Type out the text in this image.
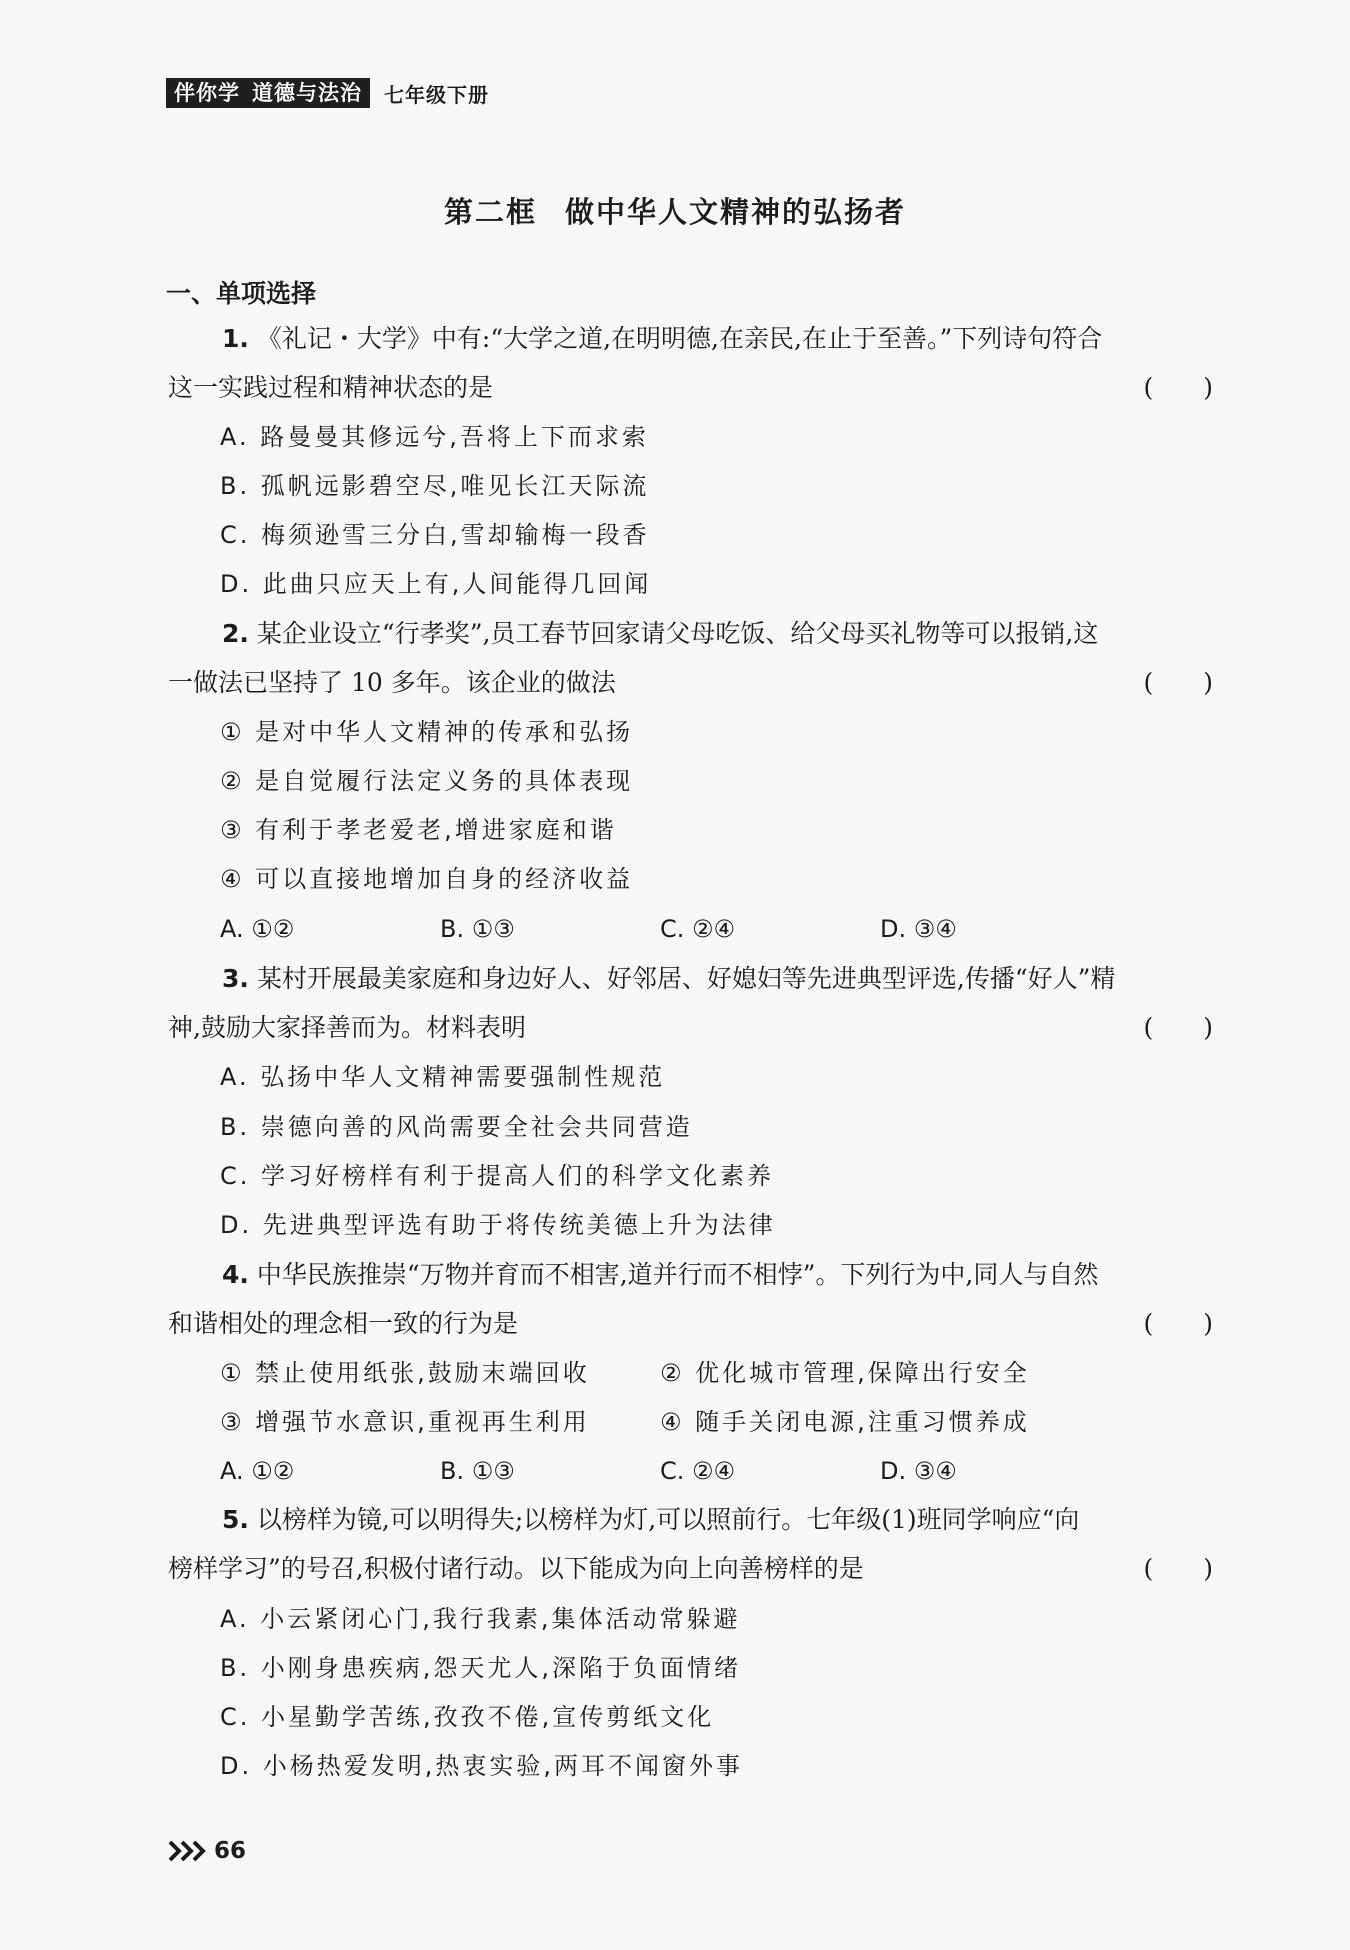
伴你学 道德与法治 七年级下册
第二框 做中华人文精神的弘扬者
一、单项选择
1. 《礼记・大学》中有:“大学之道,在明明德,在亲民,在止于至善。”下列诗句符合
这一实践过程和精神状态的是	(　　)
A. 路曼曼其修远兮,吾将上下而求索
B. 孤帆远影碧空尽,唯见长江天际流
C. 梅须逊雪三分白,雪却输梅一段香
D. 此曲只应天上有,人间能得几回闻
2. 某企业设立“行孝奖”,员工春节回家请父母吃饭、给父母买礼物等可以报销,这
一做法已坚持了 10 多年。该企业的做法	(　　)
① 是对中华人文精神的传承和弘扬
② 是自觉履行法定义务的具体表现
③ 有利于孝老爱老,增进家庭和谐
④ 可以直接地增加自身的经济收益
A. ①②	B. ①③	C. ②④	D. ③④
3. 某村开展最美家庭和身边好人、好邻居、好媳妇等先进典型评选,传播“好人”精
神,鼓励大家择善而为。材料表明	(　　)
A. 弘扬中华人文精神需要强制性规范
B. 崇德向善的风尚需要全社会共同营造
C. 学习好榜样有利于提高人们的科学文化素养
D. 先进典型评选有助于将传统美德上升为法律
4. 中华民族推崇“万物并育而不相害,道并行而不相悖”。下列行为中,同人与自然
和谐相处的理念相一致的行为是	(　　)
① 禁止使用纸张,鼓励末端回收	② 优化城市管理,保障出行安全
③ 增强节水意识,重视再生利用	④ 随手关闭电源,注重习惯养成
A. ①②	B. ①③	C. ②④	D. ③④
5. 以榜样为镜,可以明得失;以榜样为灯,可以照前行。七年级(1)班同学响应“向
榜样学习”的号召,积极付诸行动。以下能成为向上向善榜样的是	(　　)
A. 小云紧闭心门,我行我素,集体活动常躲避
B. 小刚身患疾病,怨天尤人,深陷于负面情绪
C. 小星勤学苦练,孜孜不倦,宣传剪纸文化
D. 小杨热爱发明,热衷实验,两耳不闻窗外事
66
